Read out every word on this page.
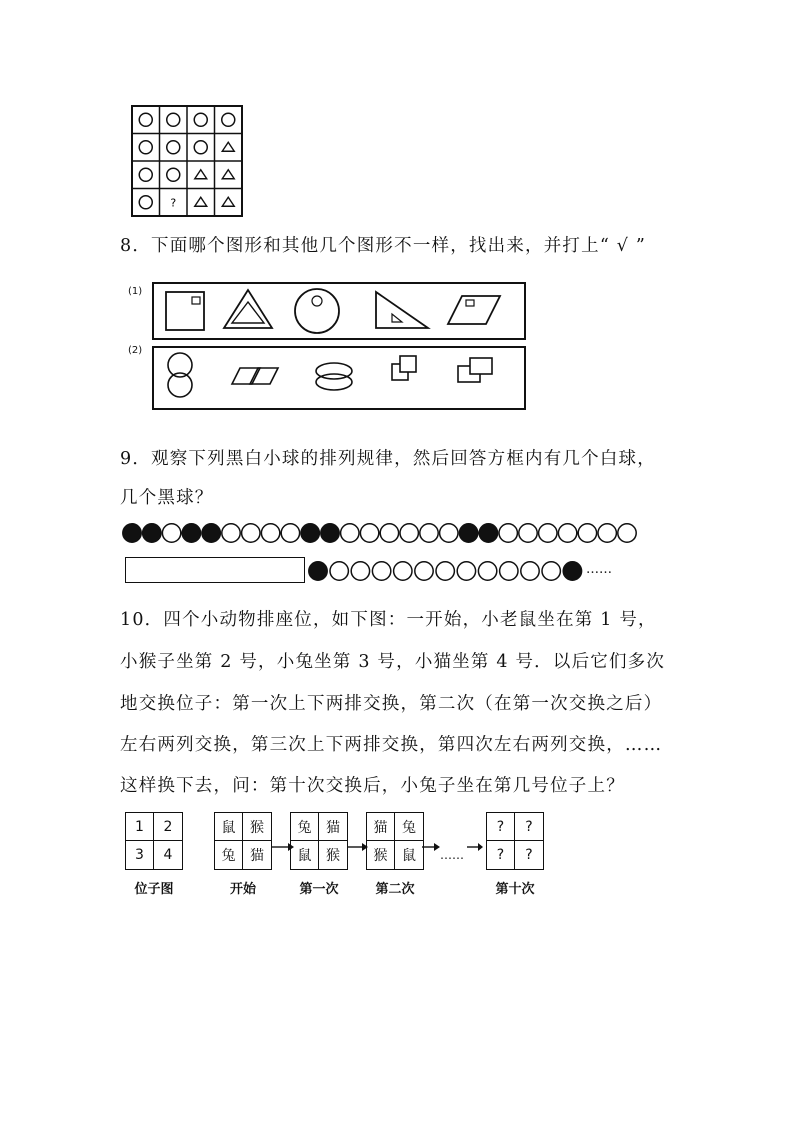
?
8．下面哪个图形和其他几个图形不一样，找出来，并打上“ √ ”
(1)
(2)
9．观察下列黑白小球的排列规律，然后回答方框内有几个白球，
几个黑球？
……
10．四个小动物排座位，如下图：一开始，小老鼠坐在第 1 号，
小猴子坐第 2 号，小兔坐第 3 号，小猫坐第 4 号．以后它们多次
地交换位子：第一次上下两排交换，第二次（在第一次交换之后）
左右两列交换，第三次上下两排交换，第四次左右两列交换，……
这样换下去，问：第十次交换后，小兔子坐在第几号位子上？
1	2
3	4
位子图
鼠	猴
兔	猫
开始
兔	猫
鼠	猴
第一次
猫	兔
猴	鼠
第二次
?	?
?	?
第十次
……
